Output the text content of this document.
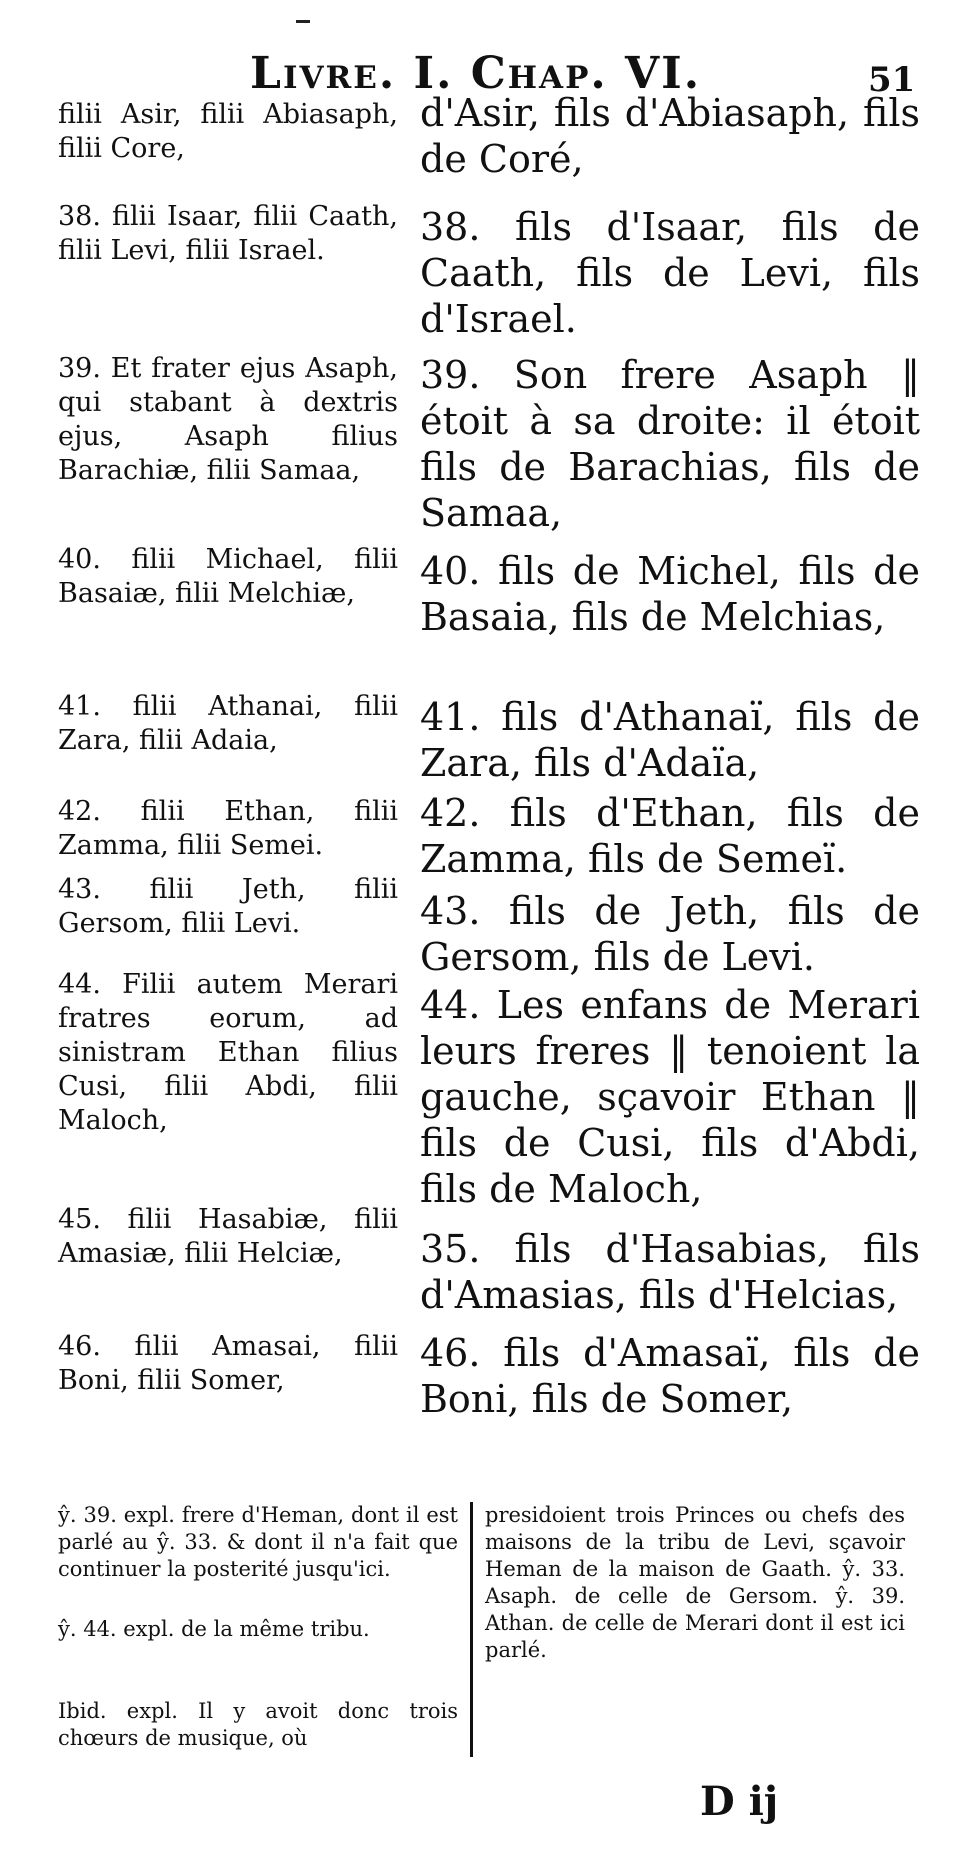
Livre. I. Chap. VI.	51
filii Asir, filii Abiasaph, filii Core,
38. filii Isaar, filii Caath, filii Levi, filii Israel.
39. Et frater ejus Asaph, qui stabant à dextris ejus, Asaph filius Barachiæ, filii Samaa,
40. filii Michael, filii Basaiæ, filii Melchiæ,
41. filii Athanai, filii Zara, filii Adaia,
42. filii Ethan, filii Zamma, filii Semei.
43. filii Jeth, filii Gersom, filii Levi.
44. Filii autem Merari fratres eorum, ad sinistram Ethan filius Cusi, filii Abdi, filii Maloch,
45. filii Hasabiæ, filii Amasiæ, filii Helciæ,
46. filii Amasai, filii Boni, filii Somer,
d'Asir, fils d'Abiasaph, fils de Coré,
38. fils d'Isaar, fils de Caath, fils de Levi, fils d'Israel.
39. Son frere Asaph ‖ étoit à sa droite: il étoit fils de Barachias, fils de Samaa,
40. fils de Michel, fils de Basaia, fils de Melchias,
41. fils d'Athanaï, fils de Zara, fils d'Adaïa,
42. fils d'Ethan, fils de Zamma, fils de Semeï.
43. fils de Jeth, fils de Gersom, fils de Levi.
44. Les enfans de Merari leurs freres ‖ tenoient la gauche, sçavoir Ethan ‖ fils de Cusi, fils d'Abdi, fils de Maloch,
35. fils d'Hasabias, fils d'Amasias, fils d'Helcias,
46. fils d'Amasaï, fils de Boni, fils de Somer,
ŷ. 39. expl. frere d'Heman, dont il est parlé au ŷ. 33. & dont il n'a fait que continuer la posterité jusqu'ici.
ŷ. 44. expl. de la même tribu.
Ibid. expl. Il y avoit donc trois chœurs de musique, où
presidoient trois Princes ou chefs des maisons de la tribu de Levi, sçavoir Heman de la maison de Gaath. ŷ. 33. Asaph. de celle de Gersom. ŷ. 39. Athan. de celle de Merari dont il est ici parlé.
D ij
